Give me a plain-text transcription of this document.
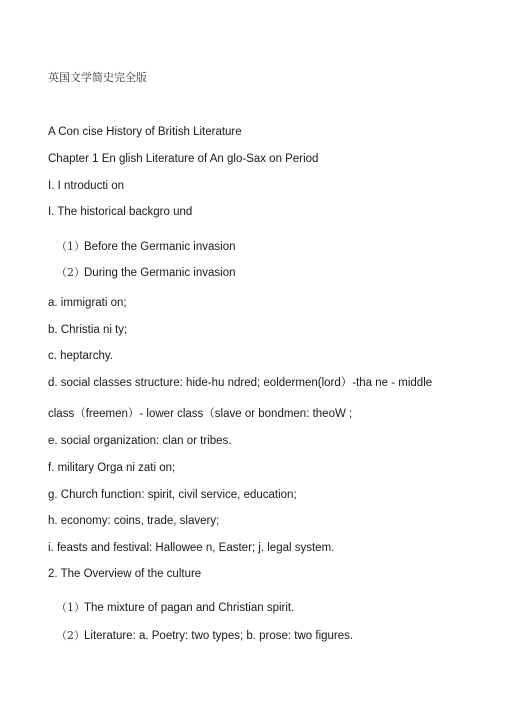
英国文学简史完全版
A Con cise History of British Literature
Chapter 1 En glish Literature of An glo-Sax on Period
I. I ntroducti on
I. The historical backgro und
（1） Before the Germanic invasion
（2） During the Germanic invasion
a. immigrati on;
b. Christia ni ty;
c. heptarchy.
d. social classes structure: hide-hu ndred; eoldermen(lord）-tha ne - middle
class（freemen）- lower class（slave or bondmen: theoW ;
e. social organization: clan or tribes.
f. military Orga ni zati on;
g. Church function: spirit, civil service, education;
h. economy: coins, trade, slavery;
i. feasts and festival: Hallowee n, Easter; j. legal system.
2. The Overview of the culture
（1） The mixture of pagan and Christian spirit.
（2） Literature: a. Poetry: two types; b. prose: two figures.
